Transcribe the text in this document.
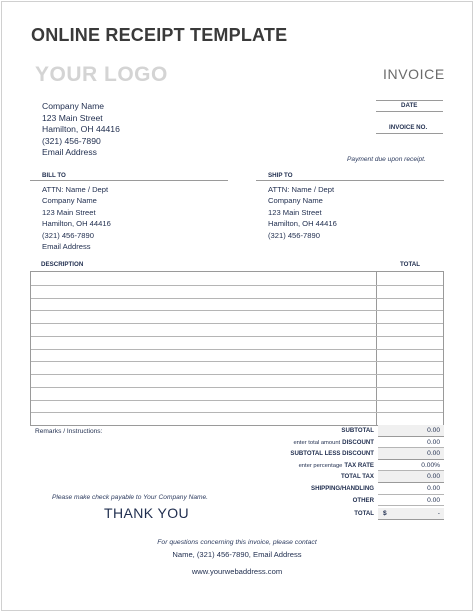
ONLINE RECEIPT TEMPLATE
YOUR LOGO	INVOICE
Company Name
123 Main Street
Hamilton, OH 44416
(321) 456-7890
Email Address
DATE
INVOICE NO.
Payment due upon receipt.
BILL TO
ATTN: Name / Dept
Company Name
123 Main Street
Hamilton, OH 44416
(321) 456-7890
Email Address
SHIP TO
ATTN: Name / Dept
Company Name
123 Main Street
Hamilton, OH 44416
(321) 456-7890
DESCRIPTION	TOTAL
Remarks / Instructions:	SUBTOTAL	0.00
enter total amount DISCOUNT	0.00
SUBTOTAL LESS DISCOUNT	0.00
enter percentage TAX RATE	0.00%
TOTAL TAX	0.00
SHIPPING/HANDLING	0.00
OTHER	0.00
TOTAL $	-
Please make check payable to Your Company Name.
THANK YOU
For questions concerning this invoice, please contact
Name, (321) 456-7890, Email Address
www.yourwebaddress.com
